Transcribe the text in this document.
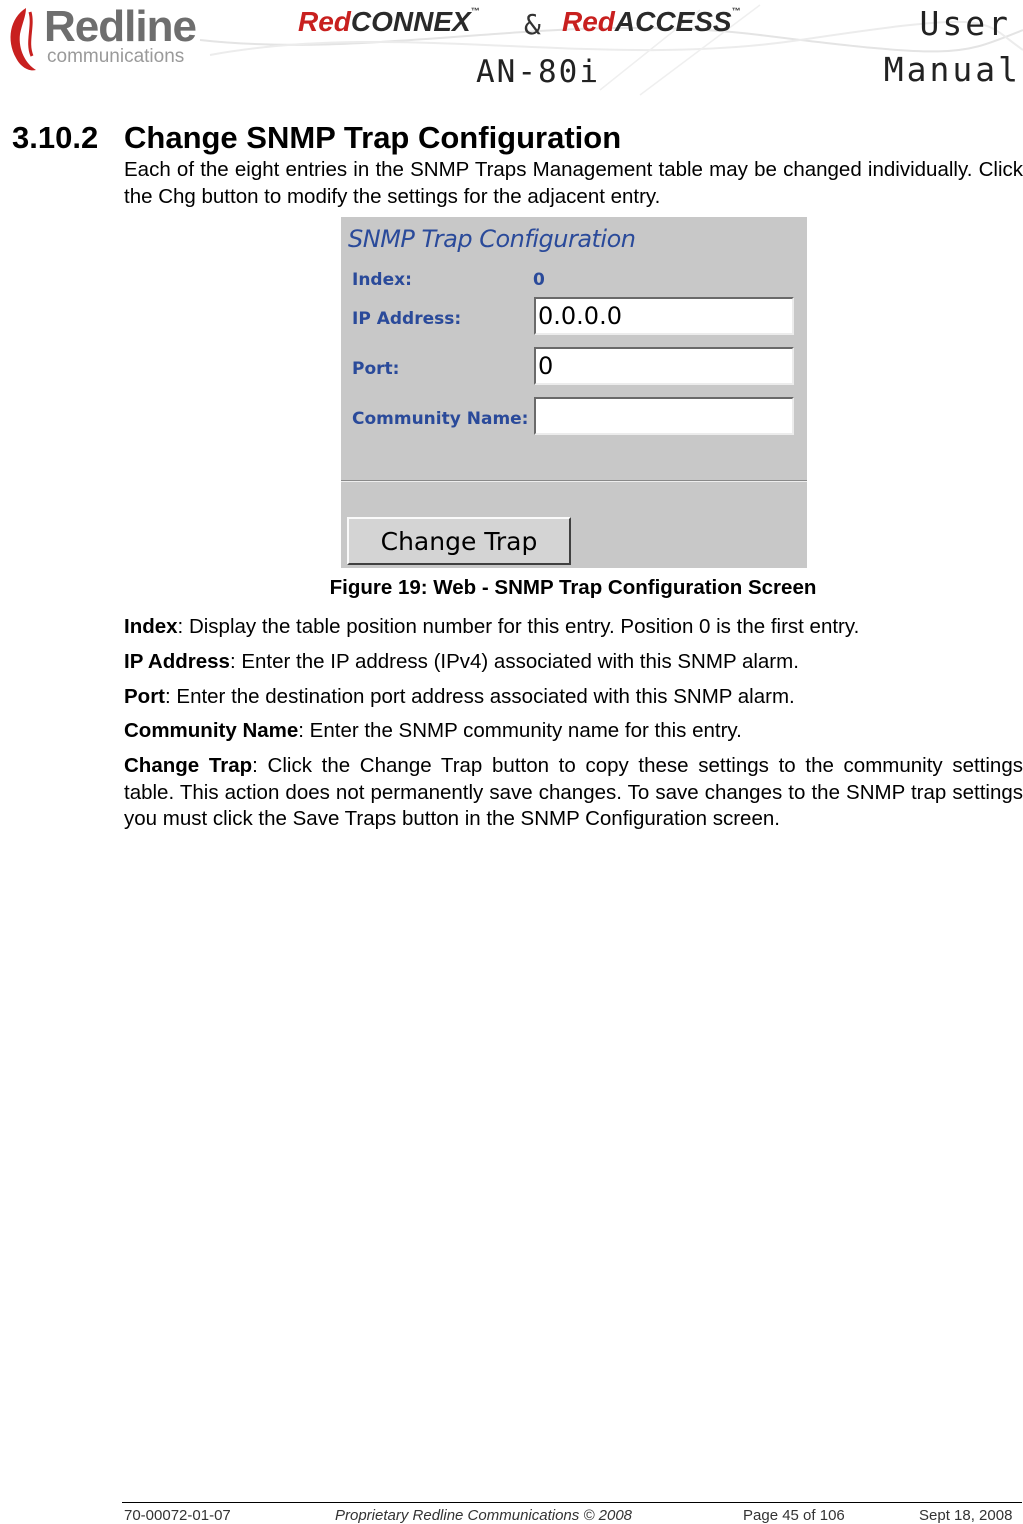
Redline
communications
RedCONNEX™ & RedACCESS™
AN-80i
User
Manual
3.10.2 Change SNMP Trap Configuration

Each of the eight entries in the SNMP Traps Management table may be changed individually. Click the Chg button to modify the settings for the adjacent entry.

SNMP Trap Configuration
Index:	0
IP Address:
0.0.0.0
Port:
0
Community Name:
Change Trap
Figure 19: Web - SNMP Trap Configuration Screen

Index: Display the table position number for this entry. Position 0 is the first entry.

IP Address: Enter the IP address (IPv4) associated with this SNMP alarm.

Port: Enter the destination port address associated with this SNMP alarm.

Community Name: Enter the SNMP community name for this entry.

Change Trap: Click the Change Trap button to copy these settings to the community settings table. This action does not permanently save changes. To save changes to the SNMP trap settings you must click the Save Traps button in the SNMP Configuration screen.

70-00072-01-07	Proprietary Redline Communications © 2008	Page 45 of 106	Sept 18, 2008
